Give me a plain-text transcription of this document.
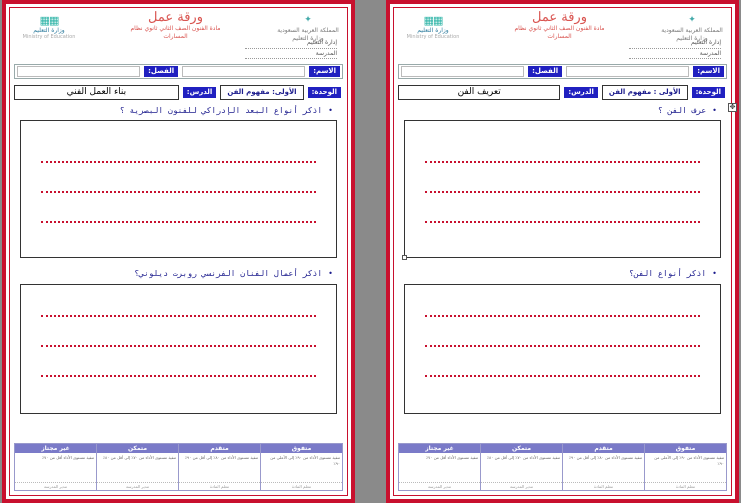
✦
المملكة العربية السعودية
وزارة التعليم
إدارة التعليم
المدرسة
ورقة عمل
مادة الفنون الصف الثاني ثانوي نظام
المسارات
▦▦
وزارة التعليم
Ministry of Education
الاسم:
الفصل:
الوحدة:
الأولى: مفهوم الفن
الدرس:
بناء العمل الفني
•اذكر أنواع البعد الإدراكي للفنون البصرية ؟
•اذكر أعمال الفنان الفرنسي روبرت ديلوني؟
متفوق
تنفيذ مستوى الأداء من ٩٠٪ إلى الأعلى من ٩٠٪
معلم المادة
متقدم
تنفيذ مستوى الأداء من ٨٠٪ إلى أقل من ٩٠٪
معلم المادة
متمكن
تنفيذ مستوى الأداء من ٧٠٪ إلى أقل من ٨٠٪
مدير المدرسة
غير مجتاز
تنفيذ مستوى الأداء أقل من ٧٠٪
مدير المدرسة
✦
المملكة العربية السعودية
وزارة التعليم
إدارة التعليم
المدرسة
ورقة عمل
مادة الفنون الصف الثاني ثانوي نظام
المسارات
▦▦
وزارة التعليم
Ministry of Education
الاسم:
الفصل:
الوحدة:
الأولى : مفهوم الفن
الدرس:
تعريف الفن
•عرف الفن ؟
•اذكر أنواع الفن؟
متفوق
تنفيذ مستوى الأداء من ٩٠٪ إلى الأعلى من ٩٠٪
معلم المادة
متقدم
تنفيذ مستوى الأداء من ٨٠٪ إلى أقل من ٩٠٪
معلم المادة
متمكن
تنفيذ مستوى الأداء من ٧٠٪ إلى أقل من ٨٠٪
مدير المدرسة
غير مجتاز
تنفيذ مستوى الأداء أقل من ٧٠٪
مدير المدرسة
✥
